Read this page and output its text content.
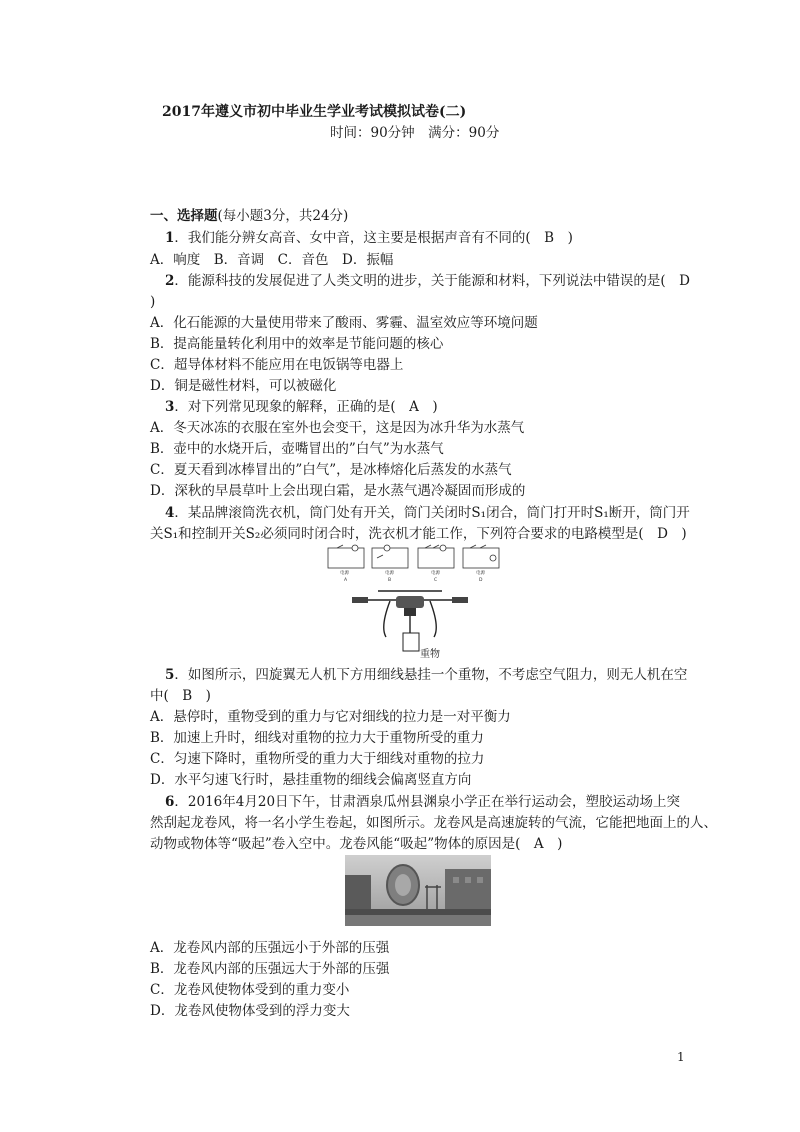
2017年遵义市初中毕业生学业考试模拟试卷(二)
时间：90分钟　满分：90分
一、选择题(每小题3分，共24分)
1．我们能分辨女高音、女中音，这主要是根据声音有不同的(　B　)
A．响度　B．音调　C．音色　D．振幅
2．能源科技的发展促进了人类文明的进步，关于能源和材料，下列说法中错误的是(　D
)
A．化石能源的大量使用带来了酸雨、雾霾、温室效应等环境问题
B．提高能量转化利用中的效率是节能问题的核心
C．超导体材料不能应用在电饭锅等电器上
D．铜是磁性材料，可以被磁化
3．对下列常见现象的解释，正确的是(　A　)
A．冬天冰冻的衣服在室外也会变干，这是因为冰升华为水蒸气
B．壶中的水烧开后，壶嘴冒出的”白气”为水蒸气
C．夏天看到冰棒冒出的”白气”，是冰棒熔化后蒸发的水蒸气
D．深秋的早晨草叶上会出现白霜，是水蒸气遇冷凝固而形成的
4．某品牌滚筒洗衣机，筒门处有开关，筒门关闭时S₁闭合，筒门打开时S₁断开，筒门开
关S₁和控制开关S₂必须同时闭合时，洗衣机才能工作，下列符合要求的电路模型是(　D　)
电源	电源	电源	电源
A	B	C	D
重物
5．如图所示，四旋翼无人机下方用细线悬挂一个重物，不考虑空气阻力，则无人机在空
中(　B　)
A．悬停时，重物受到的重力与它对细线的拉力是一对平衡力
B．加速上升时，细线对重物的拉力大于重物所受的重力
C．匀速下降时，重物所受的重力大于细线对重物的拉力
D．水平匀速飞行时，悬挂重物的细线会偏离竖直方向
6．2016年4月20日下午，甘肃酒泉瓜州县渊泉小学正在举行运动会，塑胶运动场上突
然刮起龙卷风，将一名小学生卷起，如图所示。龙卷风是高速旋转的气流，它能把地面上的人、
动物或物体等“吸起”卷入空中。龙卷风能“吸起”物体的原因是(　A　)
A．龙卷风内部的压强远小于外部的压强
B．龙卷风内部的压强远大于外部的压强
C．龙卷风使物体受到的重力变小
D．龙卷风使物体受到的浮力变大
1
